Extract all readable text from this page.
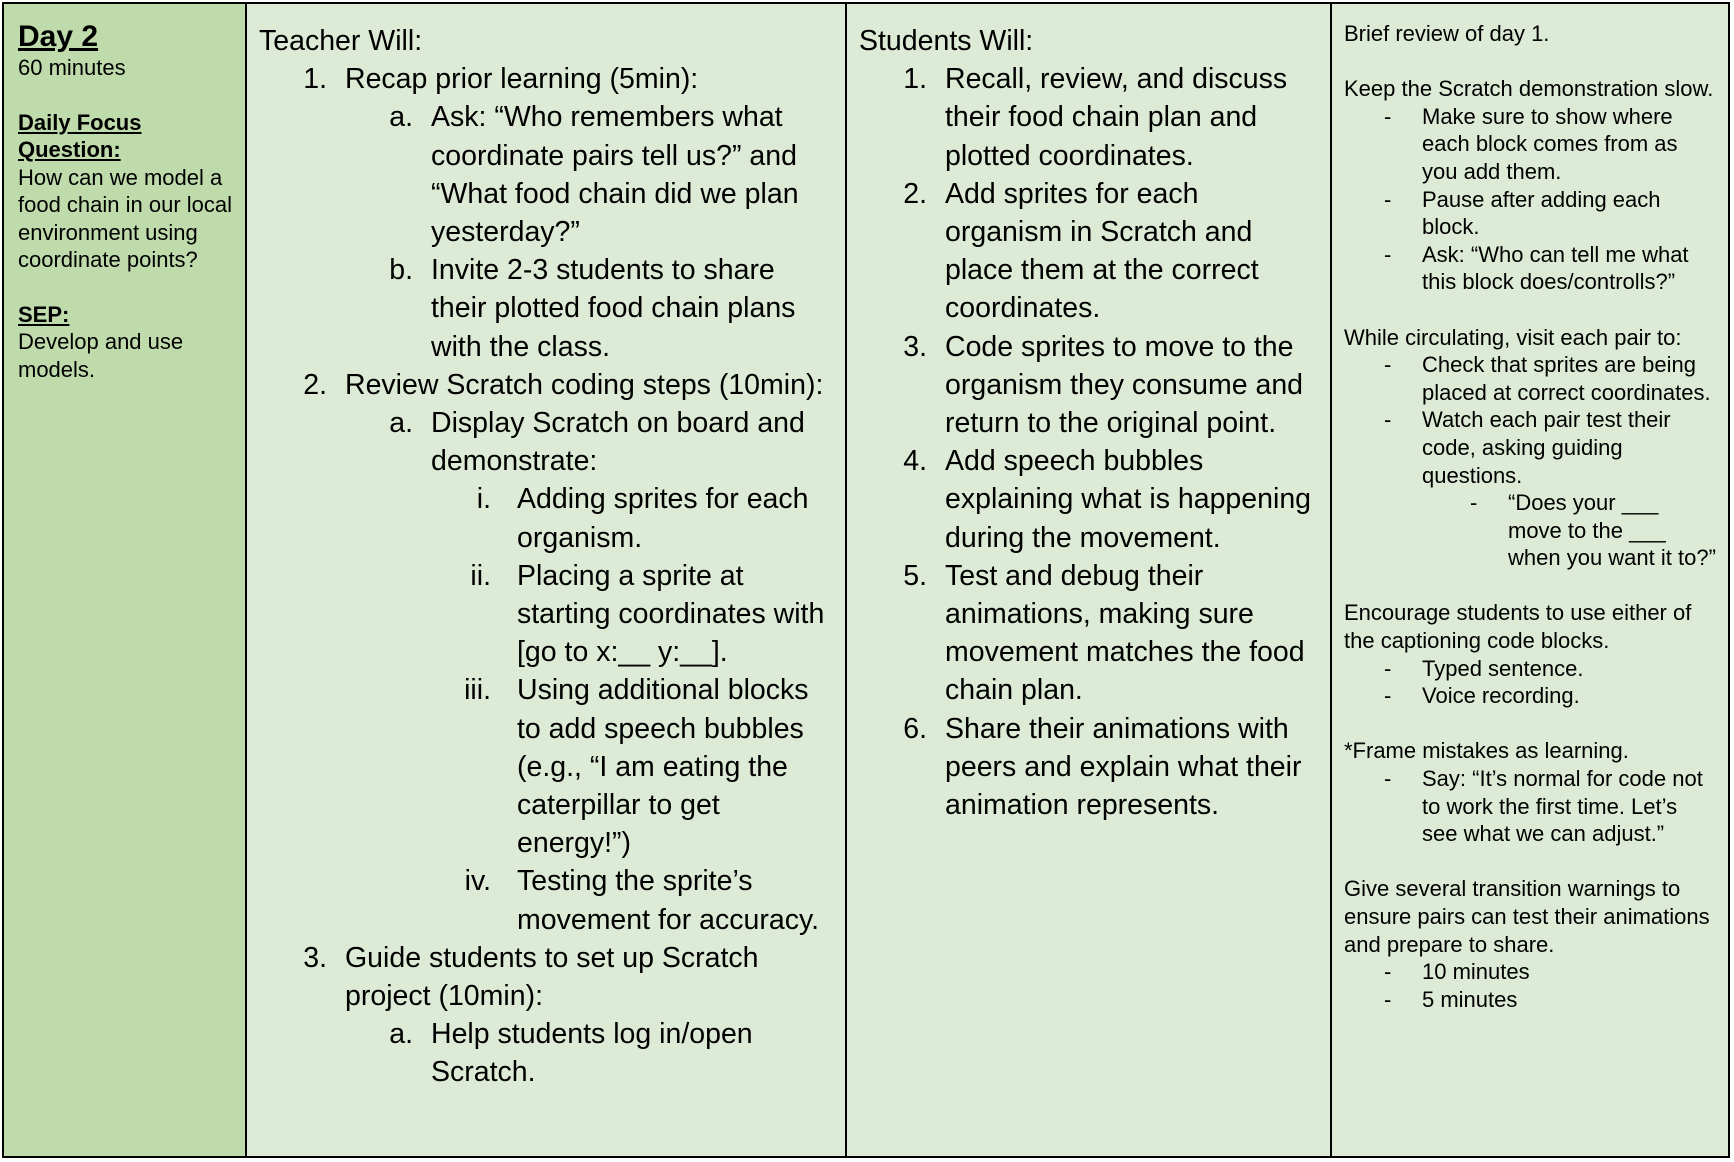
Day 2
60 minutes
Daily Focus Question:
How can we model a food chain in our local environment using coordinate points?
SEP:
Develop and use models.

Teacher Will:

1. Recap prior learning (5min):
a. Ask: “Who remembers what coordinate pairs tell us?” and “What food chain did we plan yesterday?”
b. Invite 2-3 students to share their plotted food chain plans with the class.
2. Review Scratch coding steps (10min):
a. Display Scratch on board and demonstrate:
i. Adding sprites for each organism.
ii. Placing a sprite at starting coordinates with [go to x:__ y:__].
iii. Using additional blocks to add speech bubbles (e.g., “I am eating the caterpillar to get energy!”)
iv. Testing the sprite’s movement for accuracy.
3. Guide students to set up Scratch project (10min):
a. Help students log in/open Scratch.

Students Will:

1. Recall, review, and discuss their food chain plan and plotted coordinates.
2. Add sprites for each organism in Scratch and place them at the correct coordinates.
3. Code sprites to move to the organism they consume and return to the original point.
4. Add speech bubbles explaining what is happening during the movement.
5. Test and debug their animations, making sure movement matches the food chain plan.
6. Share their animations with peers and explain what their animation represents.

Brief review of day 1.

Keep the Scratch demonstration slow.

-	Make sure to show where each block comes from as you add them.
-	Pause after adding each block.
-	Ask: “Who can tell me what this block does/controlls?”

While circulating, visit each pair to:

-	Check that sprites are being placed at correct coordinates.
-	Watch each pair test their code, asking guiding questions.
-	“Does your ___ move to the ___ when you want it to?”

Encourage students to use either of the captioning code blocks.

-	Typed sentence.
-	Voice recording.

*Frame mistakes as learning.

-	Say: “It’s normal for code not to work the first time. Let’s see what we can adjust.”

Give several transition warnings to ensure pairs can test their animations and prepare to share.

-	10 minutes
-	5 minutes
